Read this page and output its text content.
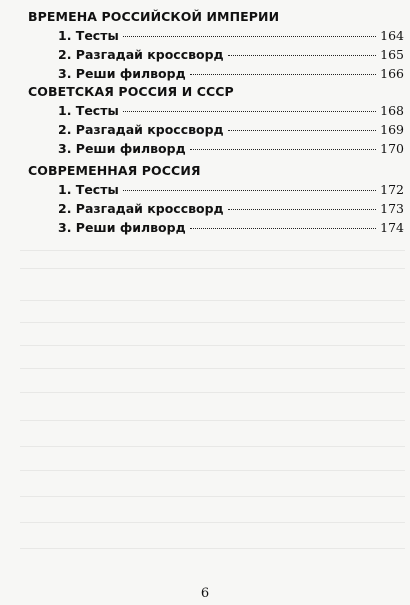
ВРЕМЕНА РОССИЙСКОЙ ИМПЕРИИ
1. Тесты	164
2. Разгадай кроссворд	165
3. Реши филворд	166
СОВЕТСКАЯ РОССИЯ И СССР
1. Тесты	168
2. Разгадай кроссворд	169
3. Реши филворд	170
СОВРЕМЕННАЯ РОССИЯ
1. Тесты	172
2. Разгадай кроссворд	173
3. Реши филворд	174
6
